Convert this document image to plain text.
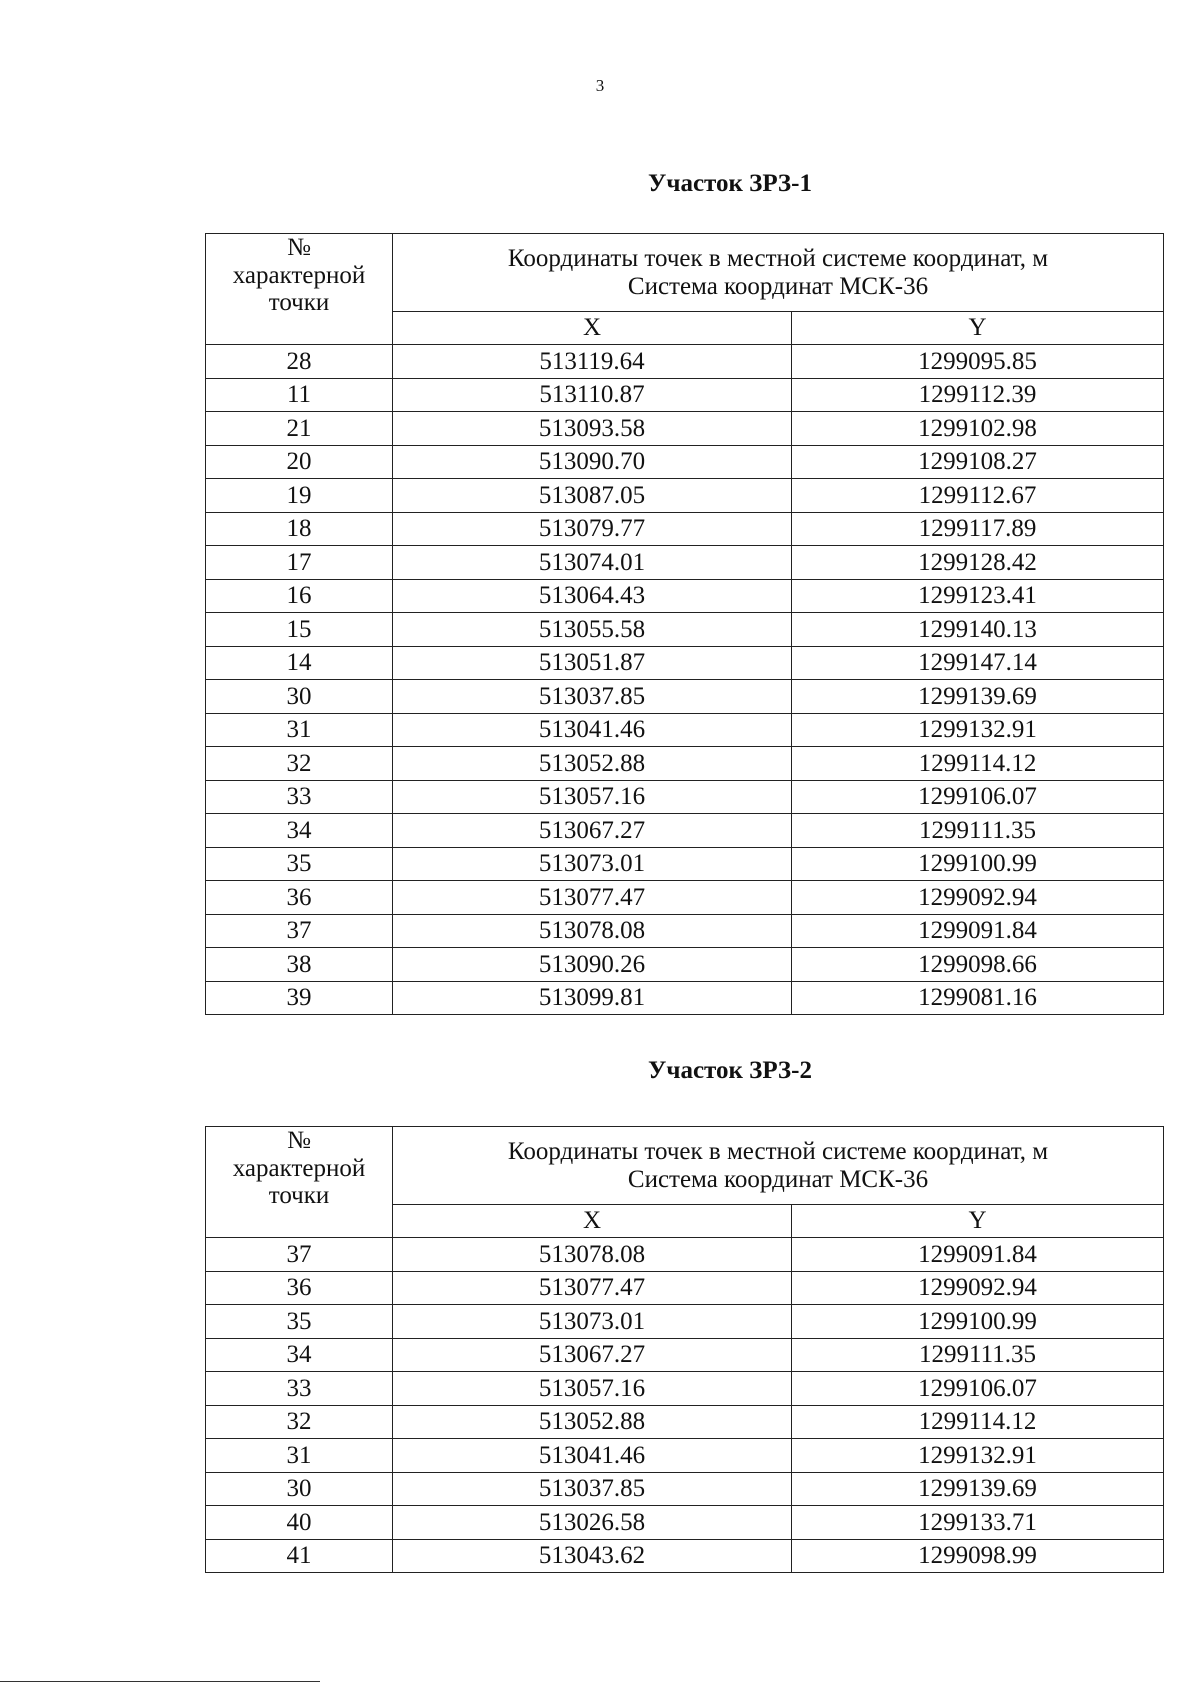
3
Участок ЗРЗ-1
№
характерной
точки	Координаты точек в местной системе координат, м
Система координат МСК-36	

	X	Y
28	513119.64	1299095.85
11	513110.87	1299112.39
21	513093.58	1299102.98
20	513090.70	1299108.27
19	513087.05	1299112.67
18	513079.77	1299117.89
17	513074.01	1299128.42
16	513064.43	1299123.41
15	513055.58	1299140.13
14	513051.87	1299147.14
30	513037.85	1299139.69
31	513041.46	1299132.91
32	513052.88	1299114.12
33	513057.16	1299106.07
34	513067.27	1299111.35
35	513073.01	1299100.99
36	513077.47	1299092.94
37	513078.08	1299091.84
38	513090.26	1299098.66
39	513099.81	1299081.16
Участок ЗРЗ-2
№
характерной
точки	Координаты точек в местной системе координат, м
Система координат МСК-36	

	X	Y
37	513078.08	1299091.84
36	513077.47	1299092.94
35	513073.01	1299100.99
34	513067.27	1299111.35
33	513057.16	1299106.07
32	513052.88	1299114.12
31	513041.46	1299132.91
30	513037.85	1299139.69
40	513026.58	1299133.71
41	513043.62	1299098.99
